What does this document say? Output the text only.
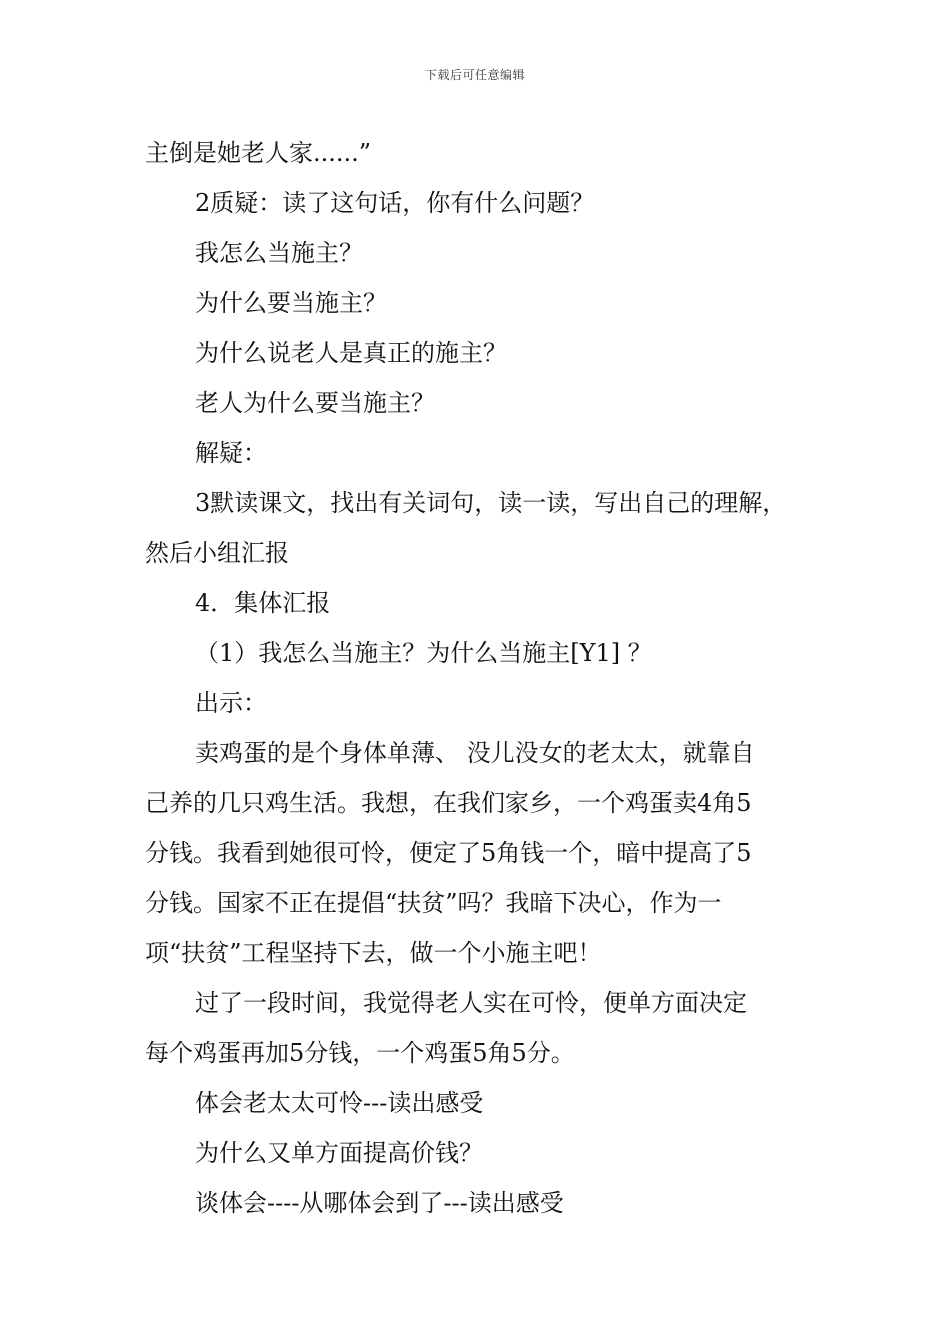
下载后可任意编辑

主倒是她老人家......”

2质疑：读了这句话，你有什么问题？

我怎么当施主？

为什么要当施主？

为什么说老人是真正的施主？

老人为什么要当施主？

解疑：

3默读课文，找出有关词句，读一读，写出自己的理解，

然后小组汇报

4．集体汇报

（1）我怎么当施主？为什么当施主[Y1] ？

出示：

卖鸡蛋的是个身体单薄、 没儿没女的老太太，就靠自

己养的几只鸡生活。我想，在我们家乡，一个鸡蛋卖4角5

分钱。我看到她很可怜，便定了5角钱一个，暗中提高了5

分钱。国家不正在提倡“扶贫”吗？我暗下决心，作为一

项“扶贫”工程坚持下去，做一个小施主吧！

过了一段时间，我觉得老人实在可怜，便单方面决定

每个鸡蛋再加5分钱，一个鸡蛋5角5分。

体会老太太可怜---读出感受

为什么又单方面提高价钱？

谈体会----从哪体会到了---读出感受
